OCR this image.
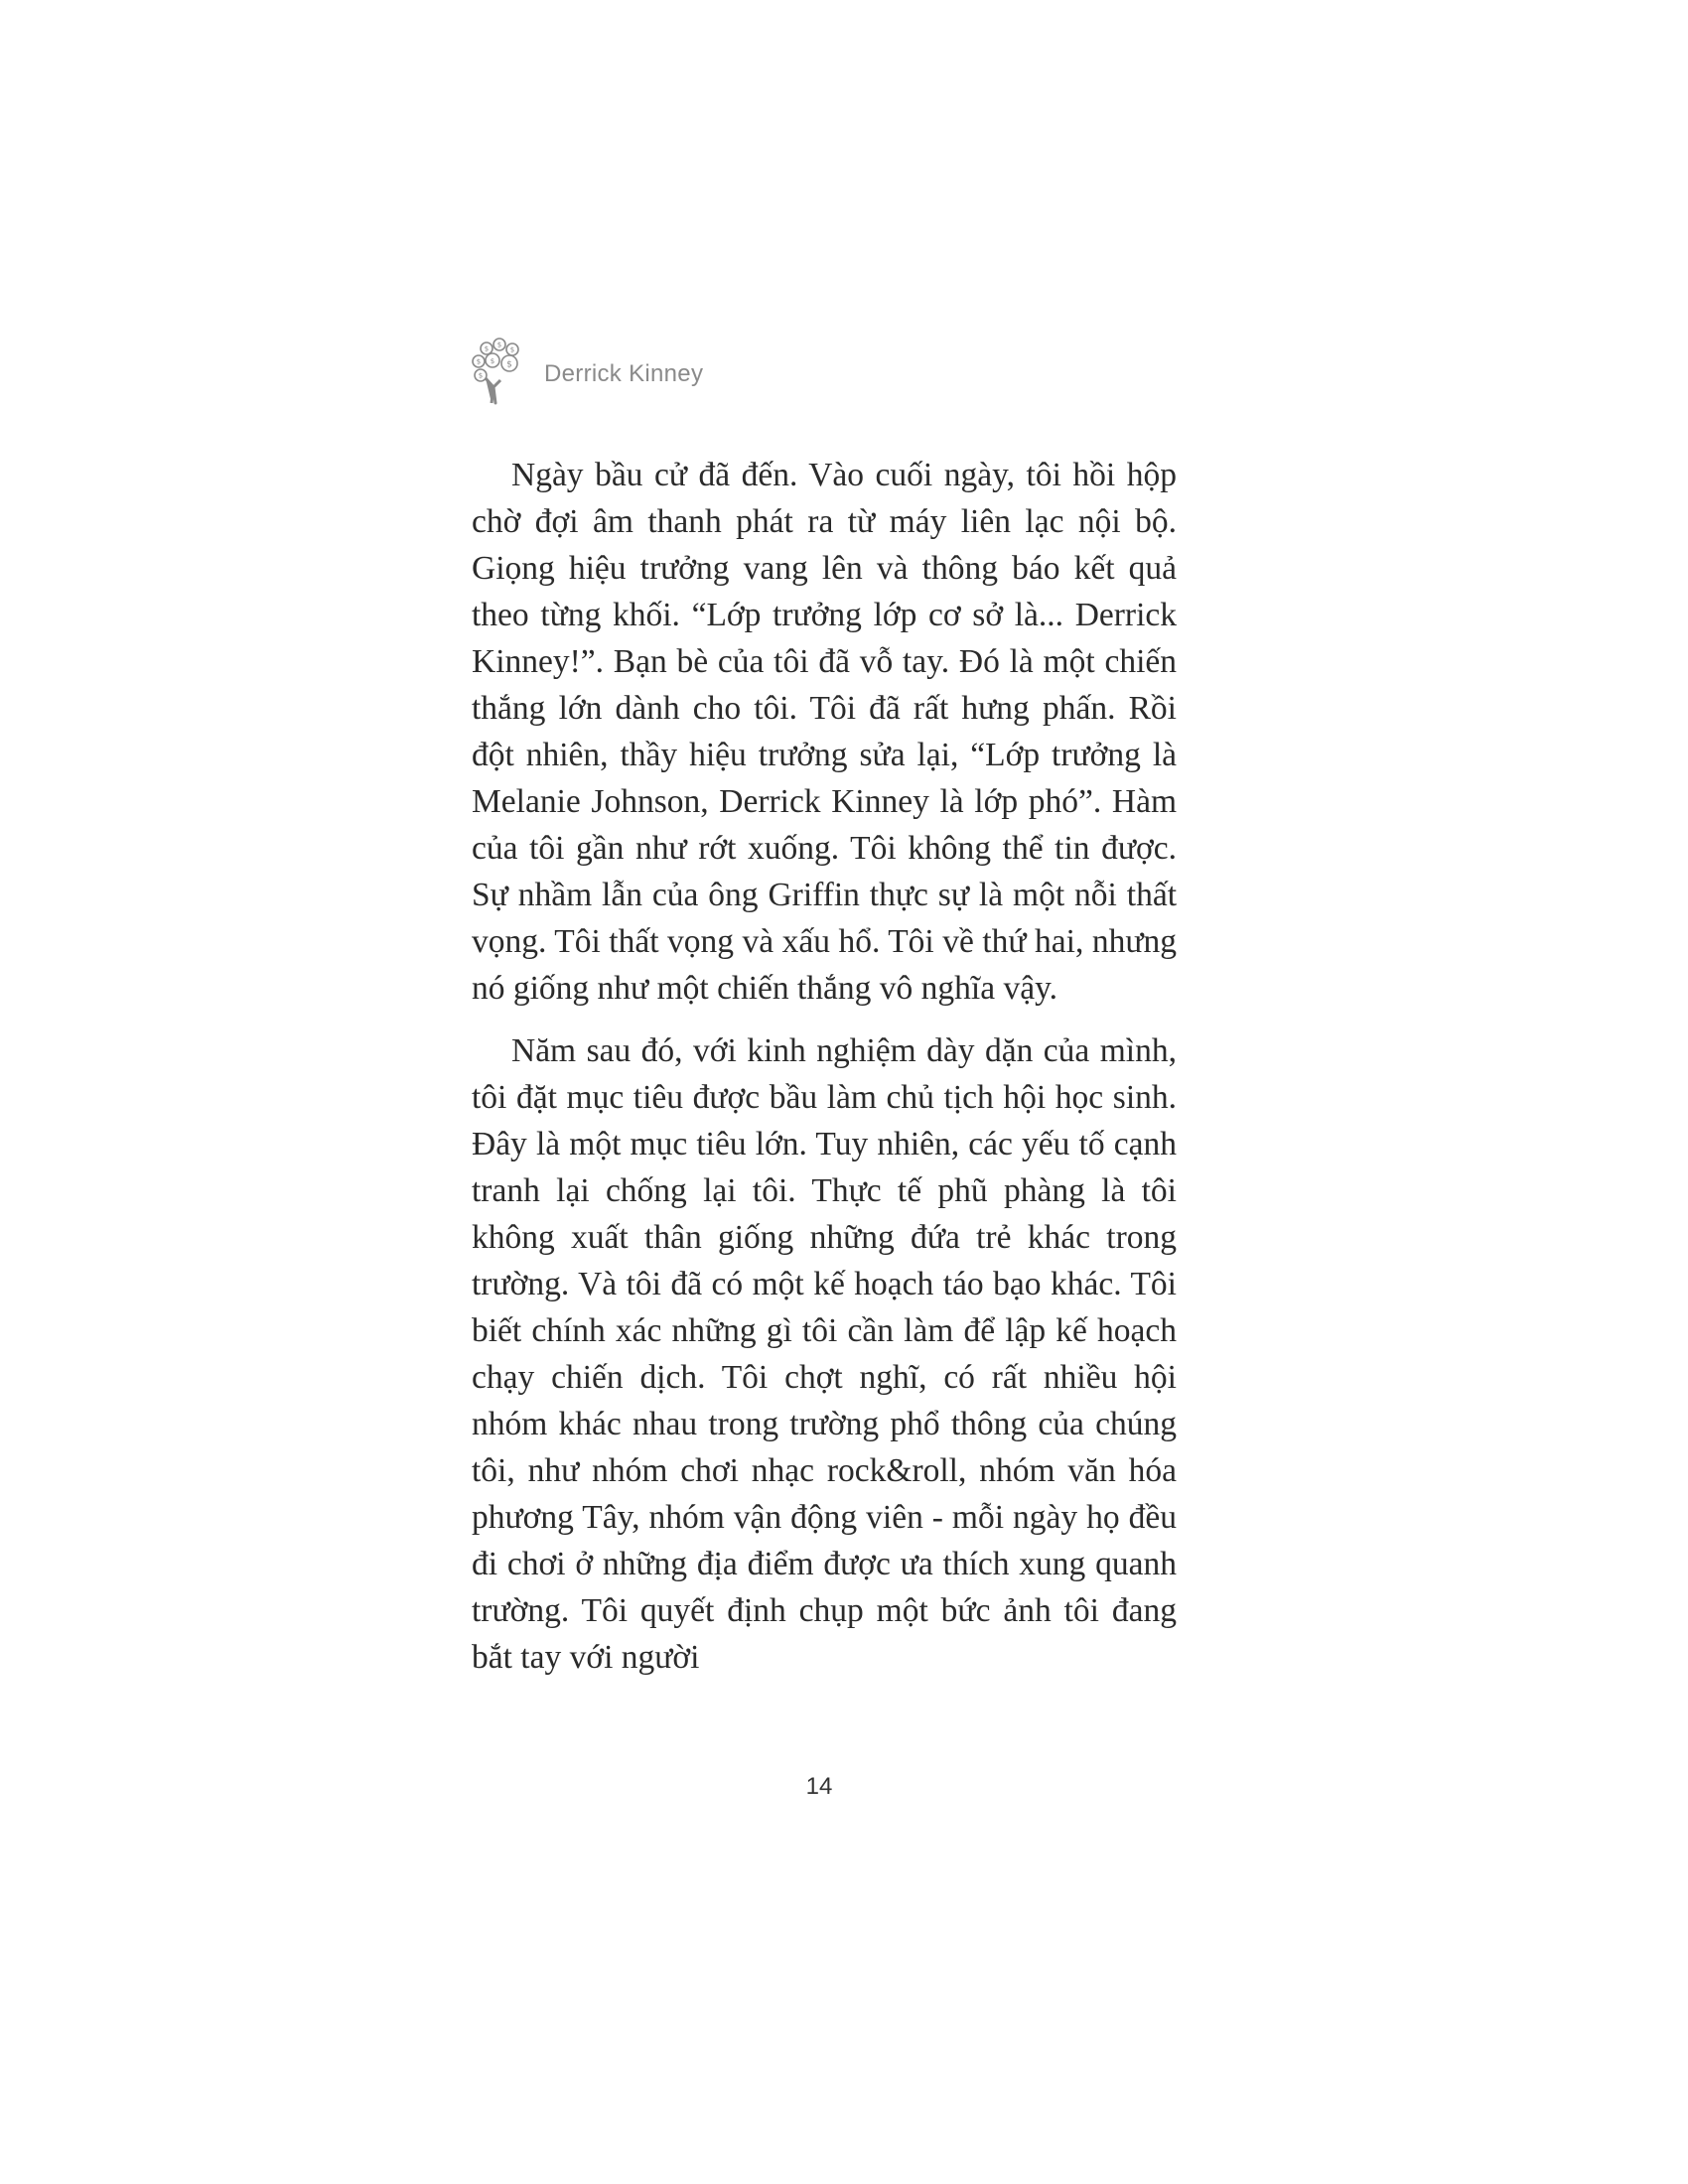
$ $
$
$ $ $
$	Derrick Kinney

Ngày bầu cử đã đến. Vào cuối ngày, tôi hồi hộp chờ đợi âm thanh phát ra từ máy liên lạc nội bộ. Giọng hiệu trưởng vang lên và thông báo kết quả theo từng khối. “Lớp trưởng lớp cơ sở là... Derrick Kinney!”. Bạn bè của tôi đã vỗ tay. Đó là một chiến thắng lớn dành cho tôi. Tôi đã rất hưng phấn. Rồi đột nhiên, thầy hiệu trưởng sửa lại, “Lớp trưởng là Melanie Johnson, Derrick Kinney là lớp phó”. Hàm của tôi gần như rớt xuống. Tôi không thể tin được. Sự nhầm lẫn của ông Griffin thực sự là một nỗi thất vọng. Tôi thất vọng và xấu hổ. Tôi về thứ hai, nhưng nó giống như một chiến thắng vô nghĩa vậy.

Năm sau đó, với kinh nghiệm dày dặn của mình, tôi đặt mục tiêu được bầu làm chủ tịch hội học sinh. Đây là một mục tiêu lớn. Tuy nhiên, các yếu tố cạnh tranh lại chống lại tôi. Thực tế phũ phàng là tôi không xuất thân giống những đứa trẻ khác trong trường. Và tôi đã có một kế hoạch táo bạo khác. Tôi biết chính xác những gì tôi cần làm để lập kế hoạch chạy chiến dịch. Tôi chợt nghĩ, có rất nhiều hội nhóm khác nhau trong trường phổ thông của chúng tôi, như nhóm chơi nhạc rock&roll, nhóm văn hóa phương Tây, nhóm vận động viên - mỗi ngày họ đều đi chơi ở những địa điểm được ưa thích xung quanh trường. Tôi quyết định chụp một bức ảnh tôi đang bắt tay với người

14
